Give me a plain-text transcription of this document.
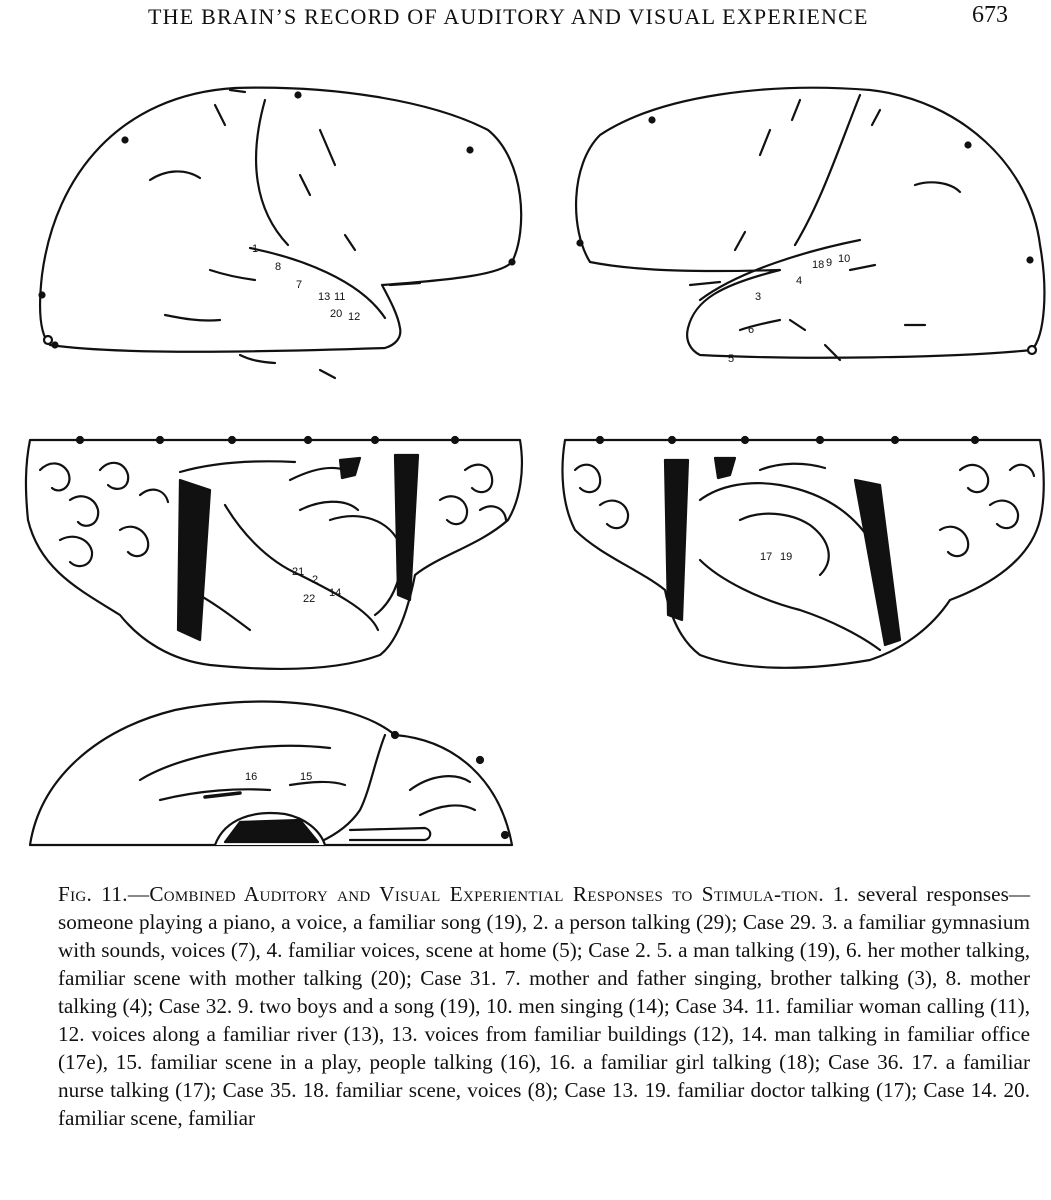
THE BRAIN’S RECORD OF AUDITORY AND VISUAL EXPERIENCE	673
1
8
7
13 11
20 12
18 9 10
4
3
6
5
21
2
22 14
17 19
16	15

Fig. 11.—Combined Auditory and Visual Experiential Responses to Stimula-tion. 1. several responses—someone playing a piano, a voice, a familiar song (19), 2. a person talking (29); Case 29. 3. a familiar gymnasium with sounds, voices (7), 4. familiar voices, scene at home (5); Case 2. 5. a man talking (19), 6. her mother talking, familiar scene with mother talking (20); Case 31. 7. mother and father singing, brother talking (3), 8. mother talking (4); Case 32. 9. two boys and a song (19), 10. men singing (14); Case 34. 11. familiar woman calling (11), 12. voices along a familiar river (13), 13. voices from familiar buildings (12), 14. man talking in familiar office (17e), 15. familiar scene in a play, people talking (16), 16. a familiar girl talking (18); Case 36. 17. a familiar nurse talking (17); Case 35. 18. familiar scene, voices (8); Case 13. 19. familiar doctor talking (17); Case 14. 20. familiar scene, familiar
